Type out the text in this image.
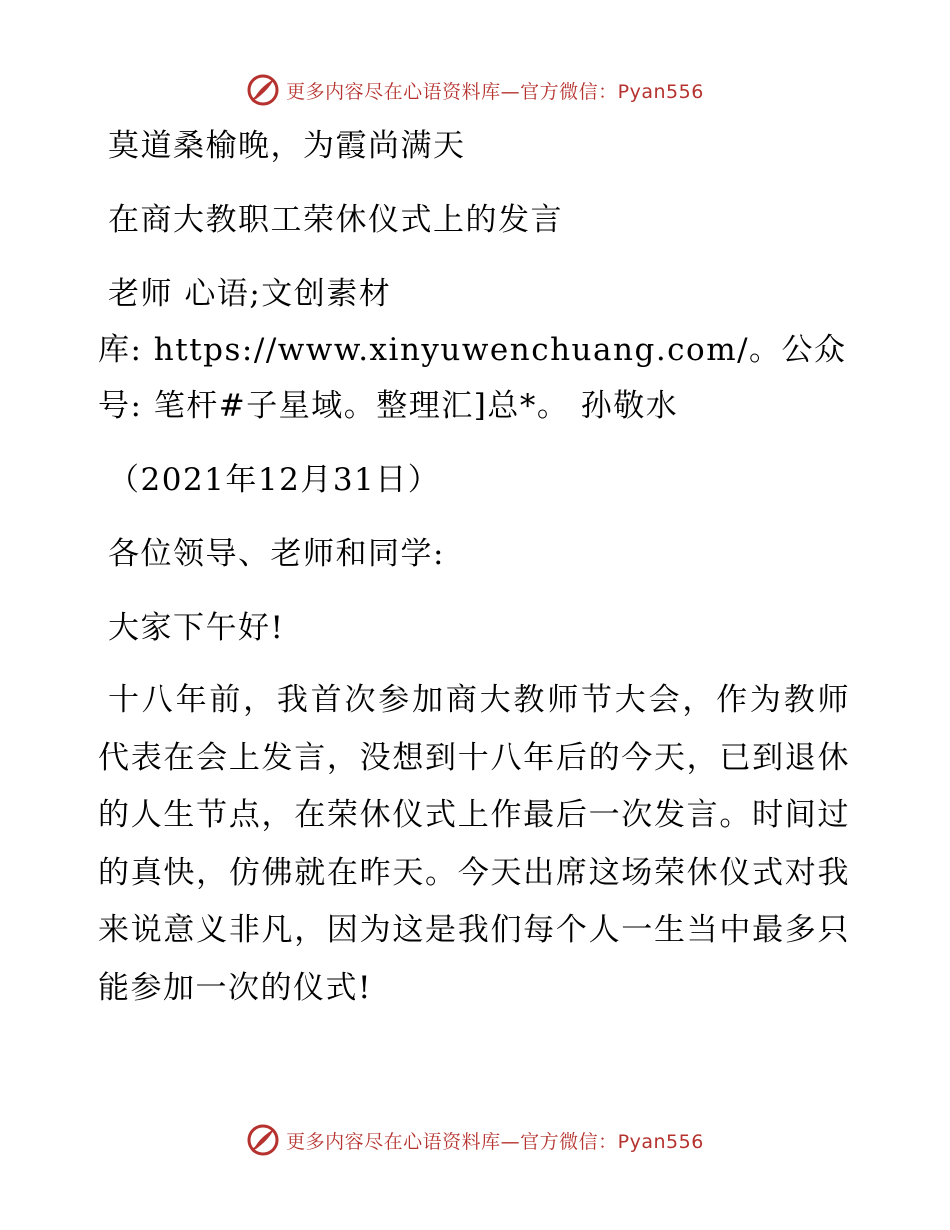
更多内容尽在心语资料库—官方微信：Pyan556
莫道桑榆晚，为霞尚满天
在商大教职工荣休仪式上的发言
老师 心语;文创素材
库: https://www.xinyuwenchuang.com/。公众
号: 笔杆#子星域。整理汇]总*。 孙敬水
（2021年12月31日）
各位领导、老师和同学:
大家下午好!
十八年前，我首次参加商大教师节大会，作为教师代表在会上发言，没想到十八年后的今天，已到退休的人生节点，在荣休仪式上作最后一次发言。时间过的真快，仿佛就在昨天。今天出席这场荣休仪式对我来说意义非凡，因为这是我们每个人一生当中最多只能参加一次的仪式!
更多内容尽在心语资料库—官方微信：Pyan556
